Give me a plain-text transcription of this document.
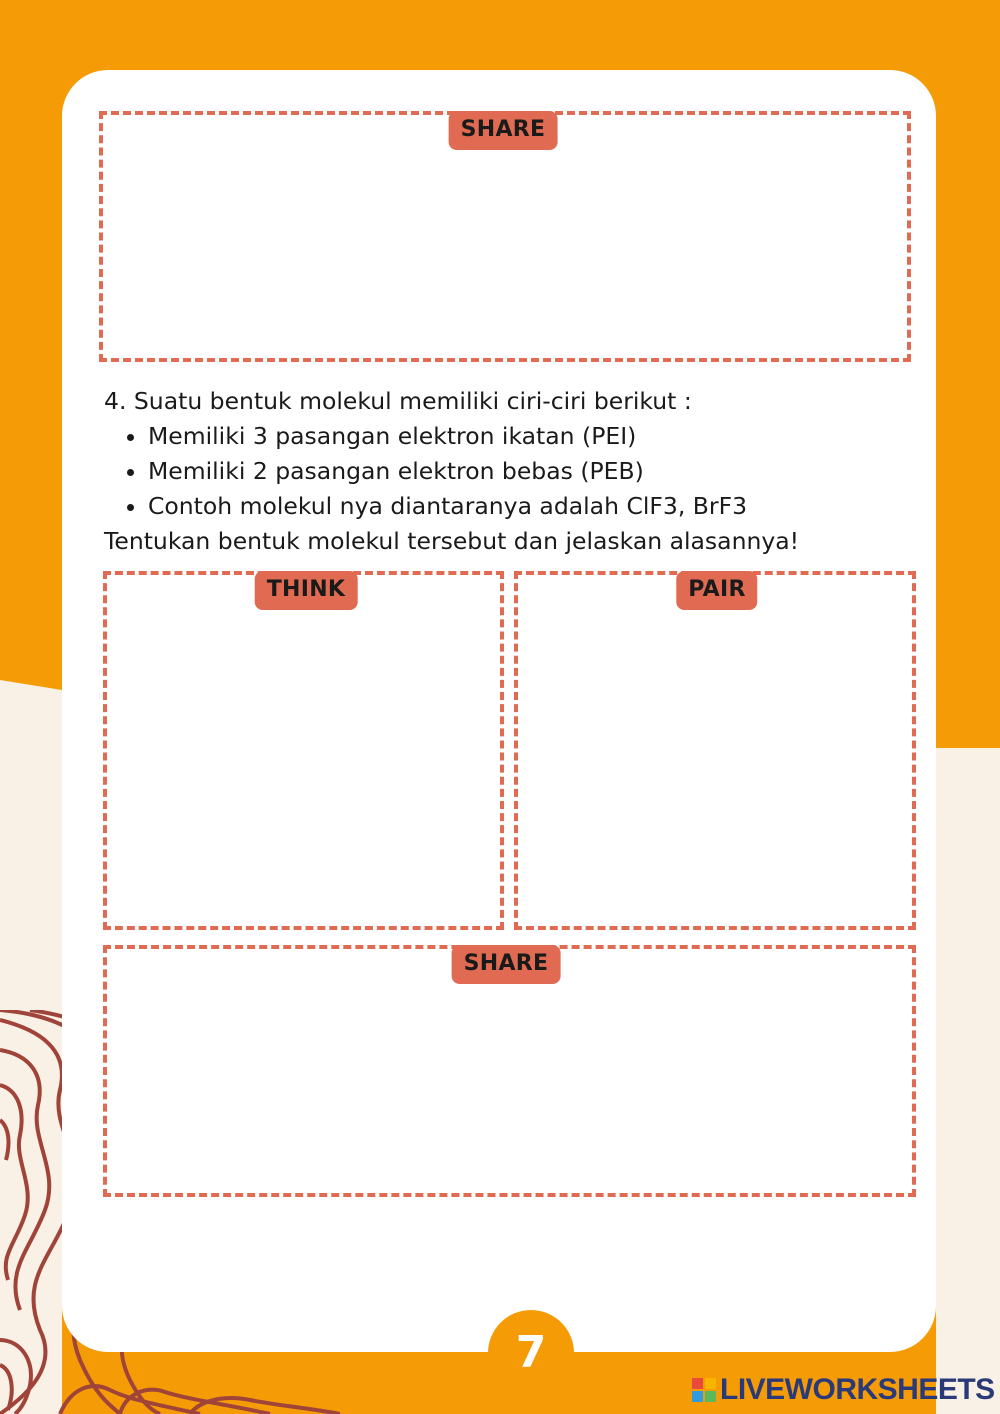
SHARE
4. Suatu bentuk molekul memiliki ciri-ciri berikut :
• Memiliki 3 pasangan elektron ikatan (PEI)
• Memiliki 2 pasangan elektron bebas (PEB)
• Contoh molekul nya diantaranya adalah ClF3, BrF3
Tentukan bentuk molekul tersebut dan jelaskan alasannya!
THINK	PAIR
SHARE
7
LIVEWORKSHEETS
